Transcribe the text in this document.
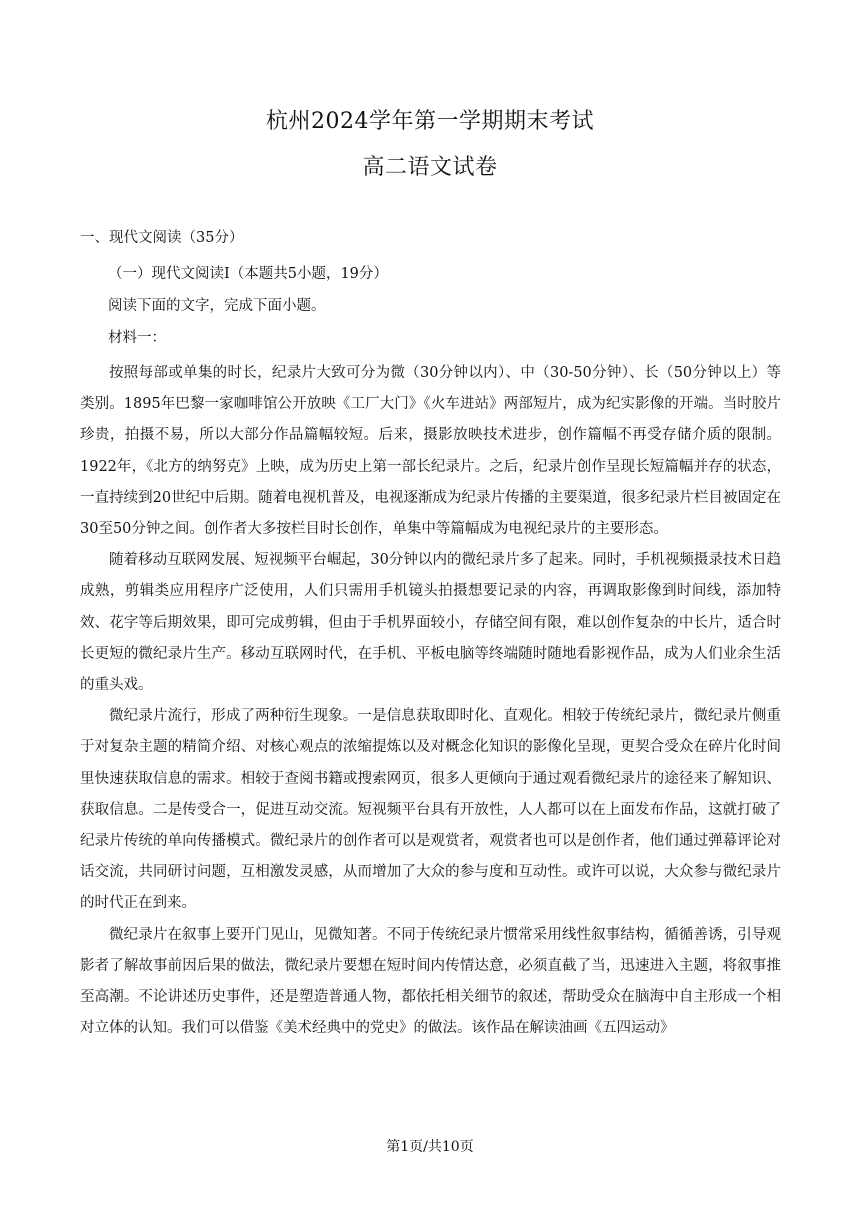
杭州2024学年第一学期期末考试
高二语文试卷
一、现代文阅读（35分）
（一）现代文阅读Ⅰ（本题共5小题，19分）
阅读下面的文字，完成下面小题。
材料一：

按照每部或单集的时长，纪录片大致可分为微（30分钟以内）、中（30-50分钟）、长（50分钟以上）等类别。1895年巴黎一家咖啡馆公开放映《工厂大门》《火车进站》两部短片，成为纪实影像的开端。当时胶片珍贵，拍摄不易，所以大部分作品篇幅较短。后来，摄影放映技术进步，创作篇幅不再受存储介质的限制。1922年，《北方的纳努克》上映，成为历史上第一部长纪录片。之后，纪录片创作呈现长短篇幅并存的状态，一直持续到20世纪中后期。随着电视机普及，电视逐渐成为纪录片传播的主要渠道，很多纪录片栏目被固定在30至50分钟之间。创作者大多按栏目时长创作，单集中等篇幅成为电视纪录片的主要形态。

随着移动互联网发展、短视频平台崛起，30分钟以内的微纪录片多了起来。同时，手机视频摄录技术日趋成熟，剪辑类应用程序广泛使用，人们只需用手机镜头拍摄想要记录的内容，再调取影像到时间线，添加特效、花字等后期效果，即可完成剪辑，但由于手机界面较小，存储空间有限，难以创作复杂的中长片，适合时长更短的微纪录片生产。移动互联网时代，在手机、平板电脑等终端随时随地看影视作品，成为人们业余生活的重头戏。

微纪录片流行，形成了两种衍生现象。一是信息获取即时化、直观化。相较于传统纪录片，微纪录片侧重于对复杂主题的精简介绍、对核心观点的浓缩提炼以及对概念化知识的影像化呈现，更契合受众在碎片化时间里快速获取信息的需求。相较于查阅书籍或搜索网页，很多人更倾向于通过观看微纪录片的途径来了解知识、获取信息。二是传受合一，促进互动交流。短视频平台具有开放性，人人都可以在上面发布作品，这就打破了纪录片传统的单向传播模式。微纪录片的创作者可以是观赏者，观赏者也可以是创作者，他们通过弹幕评论对话交流，共同研讨问题，互相激发灵感，从而增加了大众的参与度和互动性。或许可以说，大众参与微纪录片的时代正在到来。

微纪录片在叙事上要开门见山，见微知著。不同于传统纪录片惯常采用线性叙事结构，循循善诱，引导观影者了解故事前因后果的做法，微纪录片要想在短时间内传情达意，必须直截了当，迅速进入主题，将叙事推至高潮。不论讲述历史事件，还是塑造普通人物，都依托相关细节的叙述，帮助受众在脑海中自主形成一个相对立体的认知。我们可以借鉴《美术经典中的党史》的做法。该作品在解读油画《五四运动》

第1页/共10页
